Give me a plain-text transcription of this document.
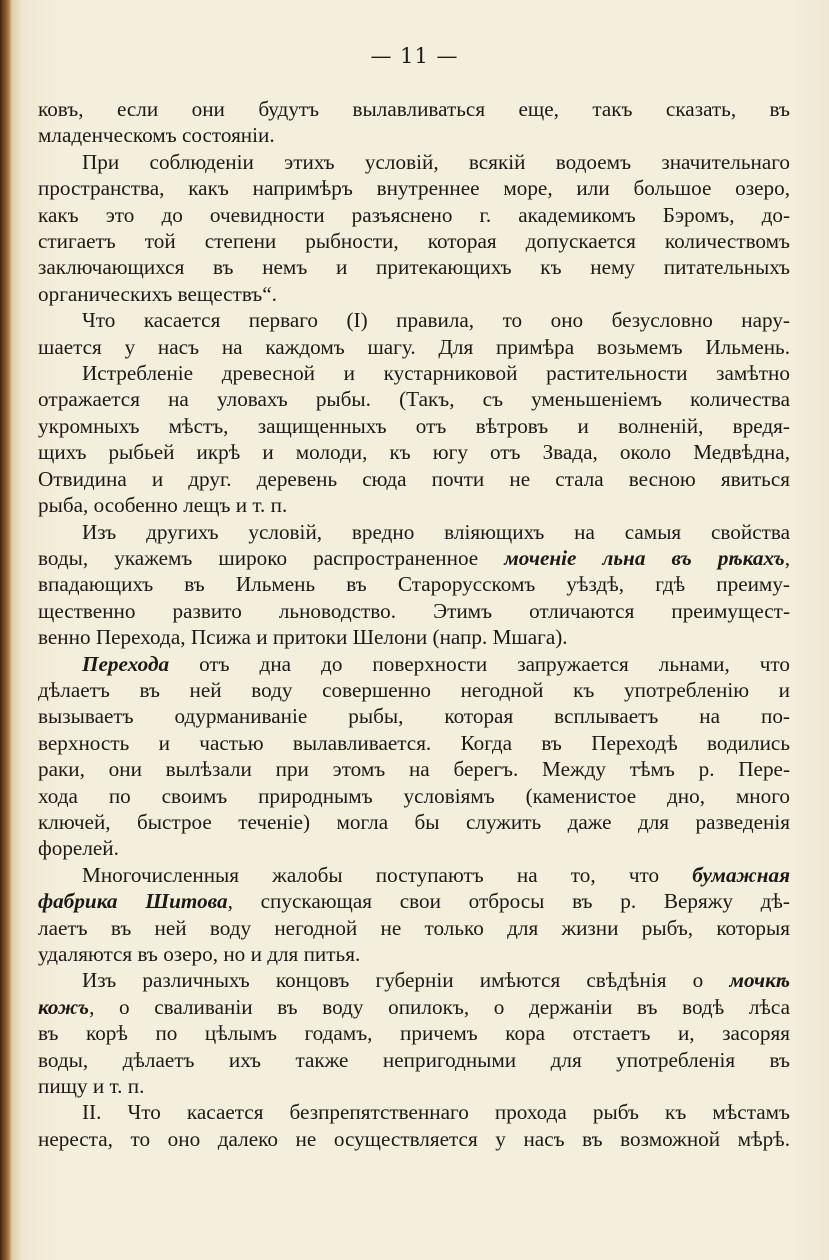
— 11 —
ковъ, если они будутъ вылавливаться еще, такъ сказать, въ
младенческомъ состояніи.
При соблюденіи этихъ условій, всякій водоемъ значительнаго
пространства, какъ напримѣръ внутреннее море, или большое озеро,
какъ это до очевидности разъяснено г. академикомъ Бэромъ, до-
стигаетъ той степени рыбности, которая допускается количествомъ
заключающихся въ немъ и притекающихъ къ нему питательныхъ
органическихъ веществъ“.
Что касается перваго (I) правила, то оно безусловно нару-
шается у насъ на каждомъ шагу. Для примѣра возьмемъ Ильмень.
Истребленіе древесной и кустарниковой растительности замѣтно
отражается на уловахъ рыбы. (Такъ, съ уменьшеніемъ количества
укромныхъ мѣстъ, защищенныхъ отъ вѣтровъ и волненій, вредя-
щихъ рыбьей икрѣ и молоди, къ югу отъ Звада, около Медвѣдна,
Отвидина и друг. деревень сюда почти не стала весною явиться
рыба, особенно лещъ и т. п.
Изъ другихъ условій, вредно вліяющихъ на самыя свойства
воды, укажемъ широко распространенное моченіе льна въ рѣкахъ,
впадающихъ въ Ильмень въ Старорусскомъ уѣздѣ, гдѣ преиму-
щественно развито льноводство. Этимъ отличаются преимущест-
венно Перехода, Псижа и притоки Шелони (напр. Мшага).
Перехода отъ дна до поверхности запружается льнами, что
дѣлаетъ въ ней воду совершенно негодной къ употребленію и
вызываетъ одурманиваніе рыбы, которая всплываетъ на по-
верхность и частью вылавливается. Когда въ Переходѣ водились
раки, они вылѣзали при этомъ на берегъ. Между тѣмъ р. Пере-
хода по своимъ природнымъ условіямъ (каменистое дно, много
ключей, быстрое теченіе) могла бы служить даже для разведенія
форелей.
Многочисленныя жалобы поступаютъ на то, что бумажная
фабрика Шитова, спускающая свои отбросы въ р. Веряжу дѣ-
лаетъ въ ней воду негодной не только для жизни рыбъ, которыя
удаляются въ озеро, но и для питья.
Изъ различныхъ концовъ губерніи имѣются свѣдѣнія о мочкѣ
кожъ, о сваливаніи въ воду опилокъ, о держаніи въ водѣ лѣса
въ корѣ по цѣлымъ годамъ, причемъ кора отстаетъ и, засоряя
воды, дѣлаетъ ихъ также непригодными для употребленія въ
пищу и т. п.
II. Что касается безпрепятственнаго прохода рыбъ къ мѣстамъ
нереста, то оно далеко не осуществляется у насъ въ возможной мѣрѣ.
